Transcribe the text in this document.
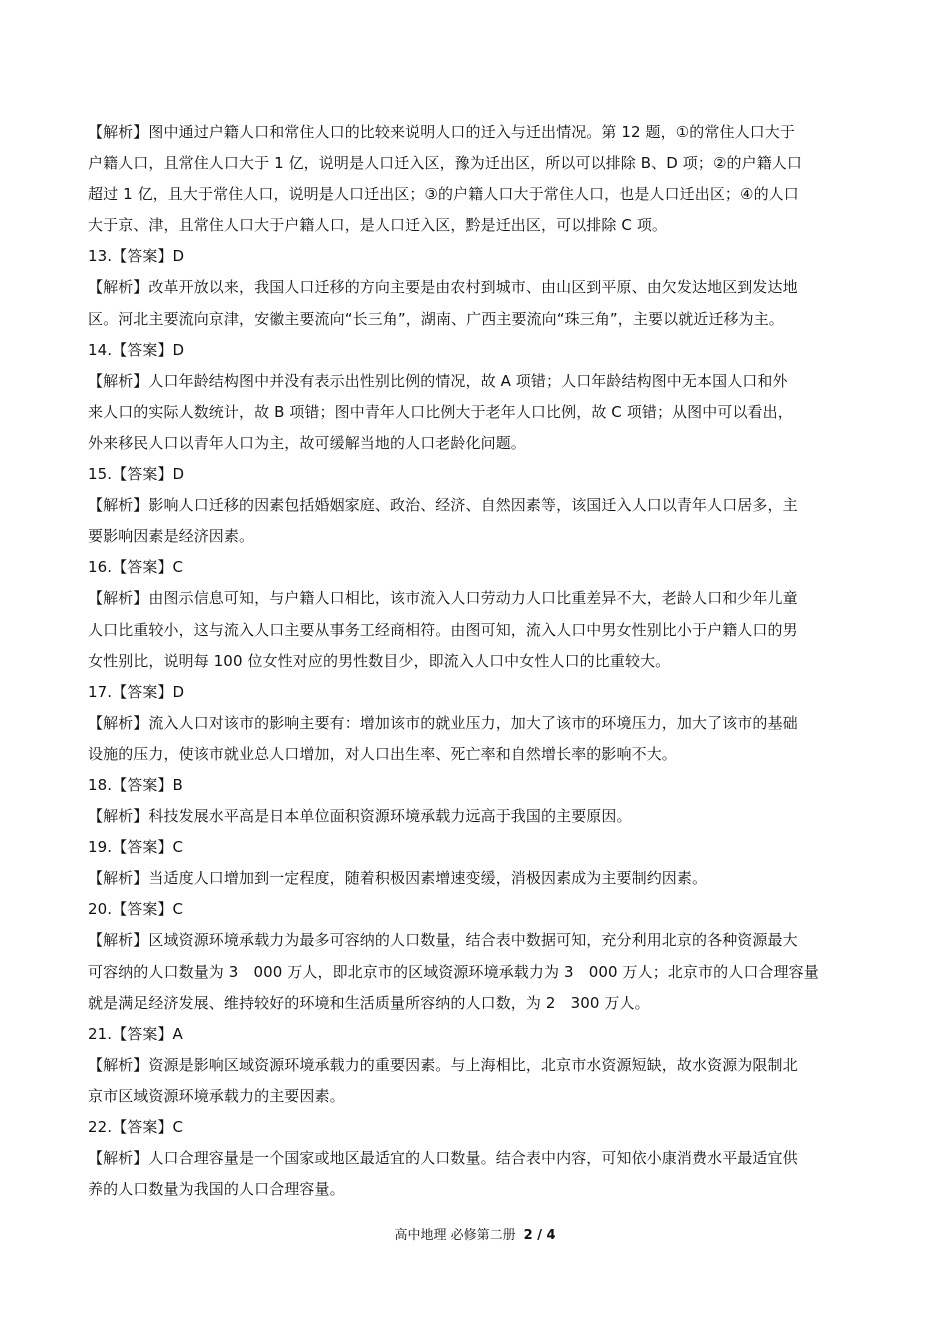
【解析】图中通过户籍人口和常住人口的比较来说明人口的迁入与迁出情况。第 12 题，①的常住人口大于
户籍人口，且常住人口大于 1 亿，说明是人口迁入区，豫为迁出区，所以可以排除 B、D 项；②的户籍人口
超过 1 亿，且大于常住人口，说明是人口迁出区；③的户籍人口大于常住人口，也是人口迁出区；④的人口
大于京、津，且常住人口大于户籍人口，是人口迁入区，黔是迁出区，可以排除 C 项。
13.【答案】D
【解析】改革开放以来，我国人口迁移的方向主要是由农村到城市、由山区到平原、由欠发达地区到发达地
区。河北主要流向京津，安徽主要流向“长三角”，湖南、广西主要流向“珠三角”，主要以就近迁移为主。
14.【答案】D
【解析】人口年龄结构图中并没有表示出性别比例的情况，故 A 项错；人口年龄结构图中无本国人口和外
来人口的实际人数统计，故 B 项错；图中青年人口比例大于老年人口比例，故 C 项错；从图中可以看出，
外来移民人口以青年人口为主，故可缓解当地的人口老龄化问题。
15.【答案】D
【解析】影响人口迁移的因素包括婚姻家庭、政治、经济、自然因素等，该国迁入人口以青年人口居多，主
要影响因素是经济因素。
16.【答案】C
【解析】由图示信息可知，与户籍人口相比，该市流入人口劳动力人口比重差异不大，老龄人口和少年儿童
人口比重较小，这与流入人口主要从事务工经商相符。由图可知，流入人口中男女性别比小于户籍人口的男
女性别比，说明每 100 位女性对应的男性数目少，即流入人口中女性人口的比重较大。
17.【答案】D
【解析】流入人口对该市的影响主要有：增加该市的就业压力，加大了该市的环境压力，加大了该市的基础
设施的压力，使该市就业总人口增加，对人口出生率、死亡率和自然增长率的影响不大。
18.【答案】B
【解析】科技发展水平高是日本单位面积资源环境承载力远高于我国的主要原因。
19.【答案】C
【解析】当适度人口增加到一定程度，随着积极因素增速变缓，消极因素成为主要制约因素。
20.【答案】C
【解析】区域资源环境承载力为最多可容纳的人口数量，结合表中数据可知，充分利用北京的各种资源最大
可容纳的人口数量为 3　000 万人，即北京市的区域资源环境承载力为 3　000 万人；北京市的人口合理容量
就是满足经济发展、维持较好的环境和生活质量所容纳的人口数，为 2　300 万人。
21.【答案】A
【解析】资源是影响区域资源环境承载力的重要因素。与上海相比，北京市水资源短缺，故水资源为限制北
京市区域资源环境承载力的主要因素。
22.【答案】C
【解析】人口合理容量是一个国家或地区最适宜的人口数量。结合表中内容，可知依小康消费水平最适宜供
养的人口数量为我国的人口合理容量。
高中地理 必修第二册 2 / 4
